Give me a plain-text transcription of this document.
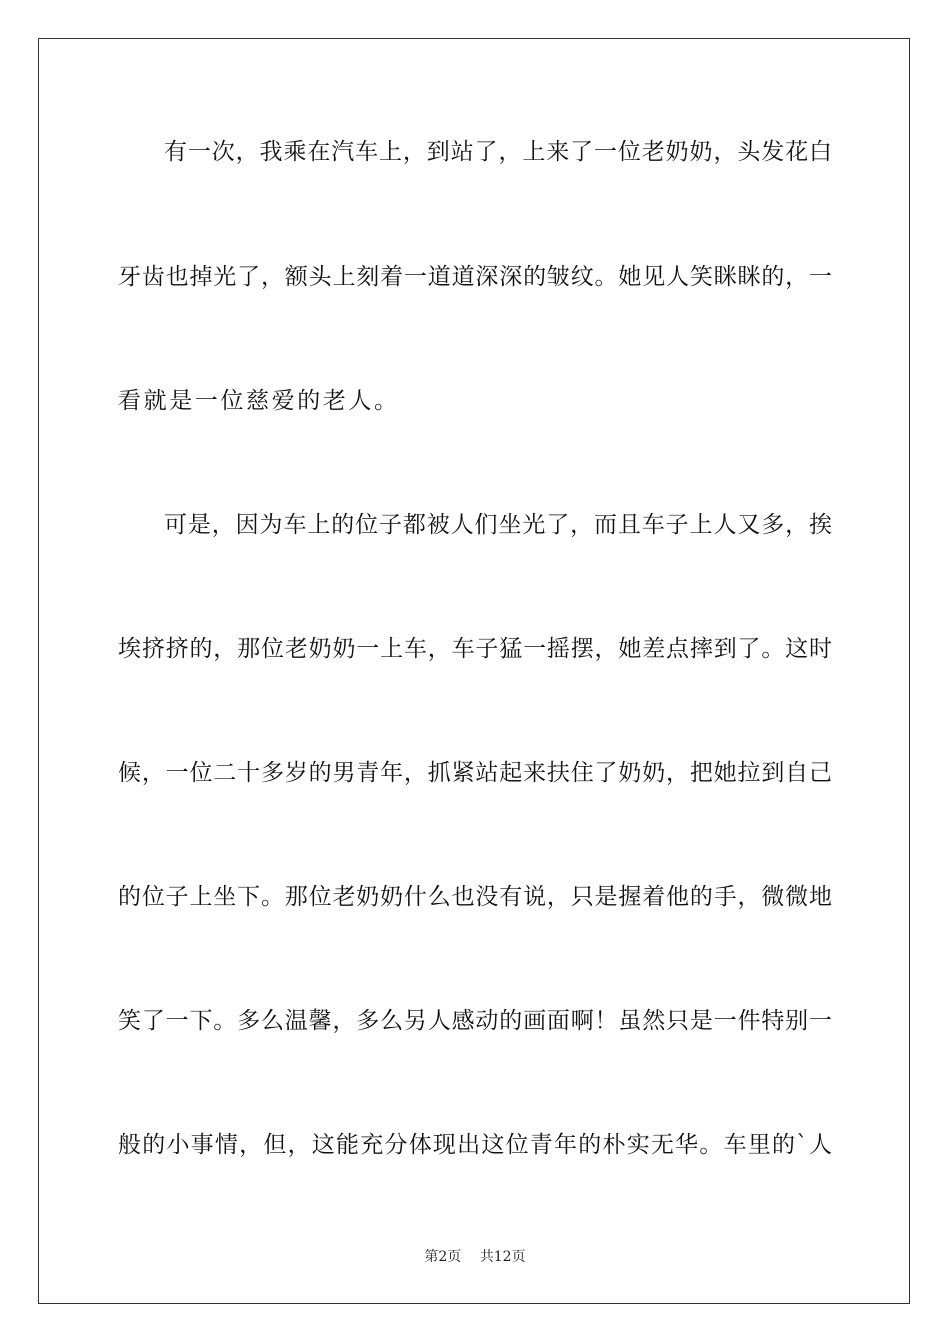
有一次，我乘在汽车上，到站了，上来了一位老奶奶，头发花白
牙齿也掉光了，额头上刻着一道道深深的皱纹。她见人笑眯眯的，一
看就是一位慈爱的老人。
可是，因为车上的位子都被人们坐光了，而且车子上人又多，挨
埃挤挤的，那位老奶奶一上车，车子猛一摇摆，她差点摔到了。这时
候，一位二十多岁的男青年，抓紧站起来扶住了奶奶，把她拉到自己
的位子上坐下。那位老奶奶什么也没有说，只是握着他的手，微微地
笑了一下。多么温馨，多么另人感动的画面啊！虽然只是一件特别一
般的小事情，但，这能充分体现出这位青年的朴实无华。车里的`人
第2页 共12页
